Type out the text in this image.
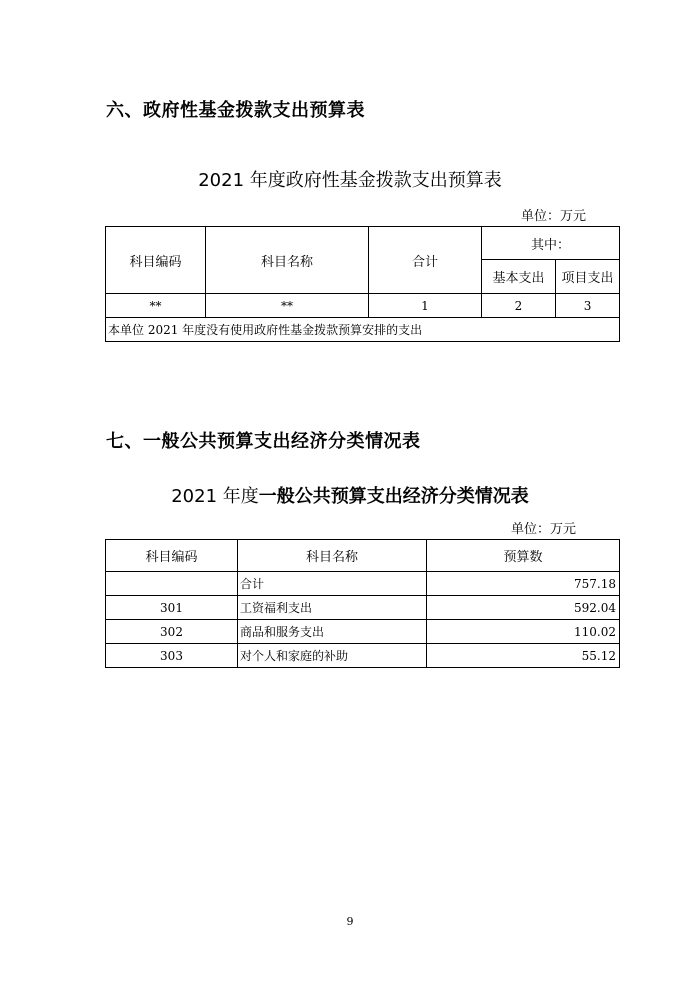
六、政府性基金拨款支出预算表
2021 年度政府性基金拨款支出预算表
单位：万元
科目编码	科目名称	合计	其中：	
			基本支出	项目支出
**	**	1	2	3
本单位 2021 年度没有使用政府性基金拨款预算安排的支出				
七、一般公共预算支出经济分类情况表
2021 年度一般公共预算支出经济分类情况表
单位：万元
科目编码	科目名称	预算数
	合计	757.18
301	工资福利支出	592.04
302	商品和服务支出	110.02
303	对个人和家庭的补助	55.12
9
